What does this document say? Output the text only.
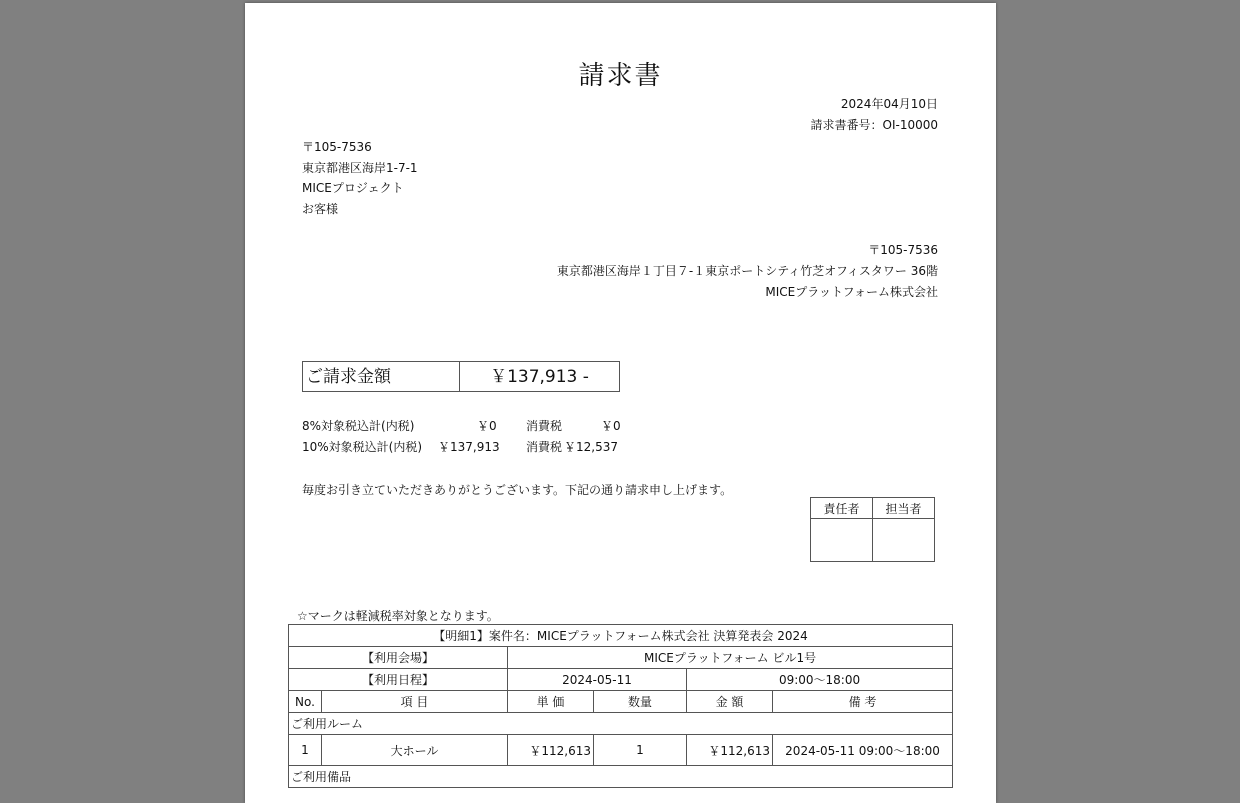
請求書
2024年04月10日
請求書番号：OI-10000
〒105-7536
東京都港区海岸1-7-1
MICEプロジェクト
お客様
〒105-7536
東京都港区海岸１丁目７-１東京ポートシティ竹芝オフィスタワー 36階
MICEプラットフォーム株式会社
ご請求金額	￥137,913 -
8%対象税込計(内税)	￥0 消費税	￥0
10%対象税込計(内税) ￥137,913 消費税 ￥12,537
毎度お引き立ていただきありがとうございます。下記の通り請求申し上げます。
責任者	担当者

☆マークは軽減税率対象となります。
【明細1】案件名：MICEプラットフォーム株式会社 決算発表会 2024					
【利用会場】		MICEプラットフォーム ビル1号			
【利用日程】		2024-05-11		09:00～18:00	
No.	項 目	単 価	数量	金 額	備 考
ご利用ルーム					
1	大ホール	￥112,613	1	￥112,613	2024-05-11 09:00～18:00
ご利用備品					
